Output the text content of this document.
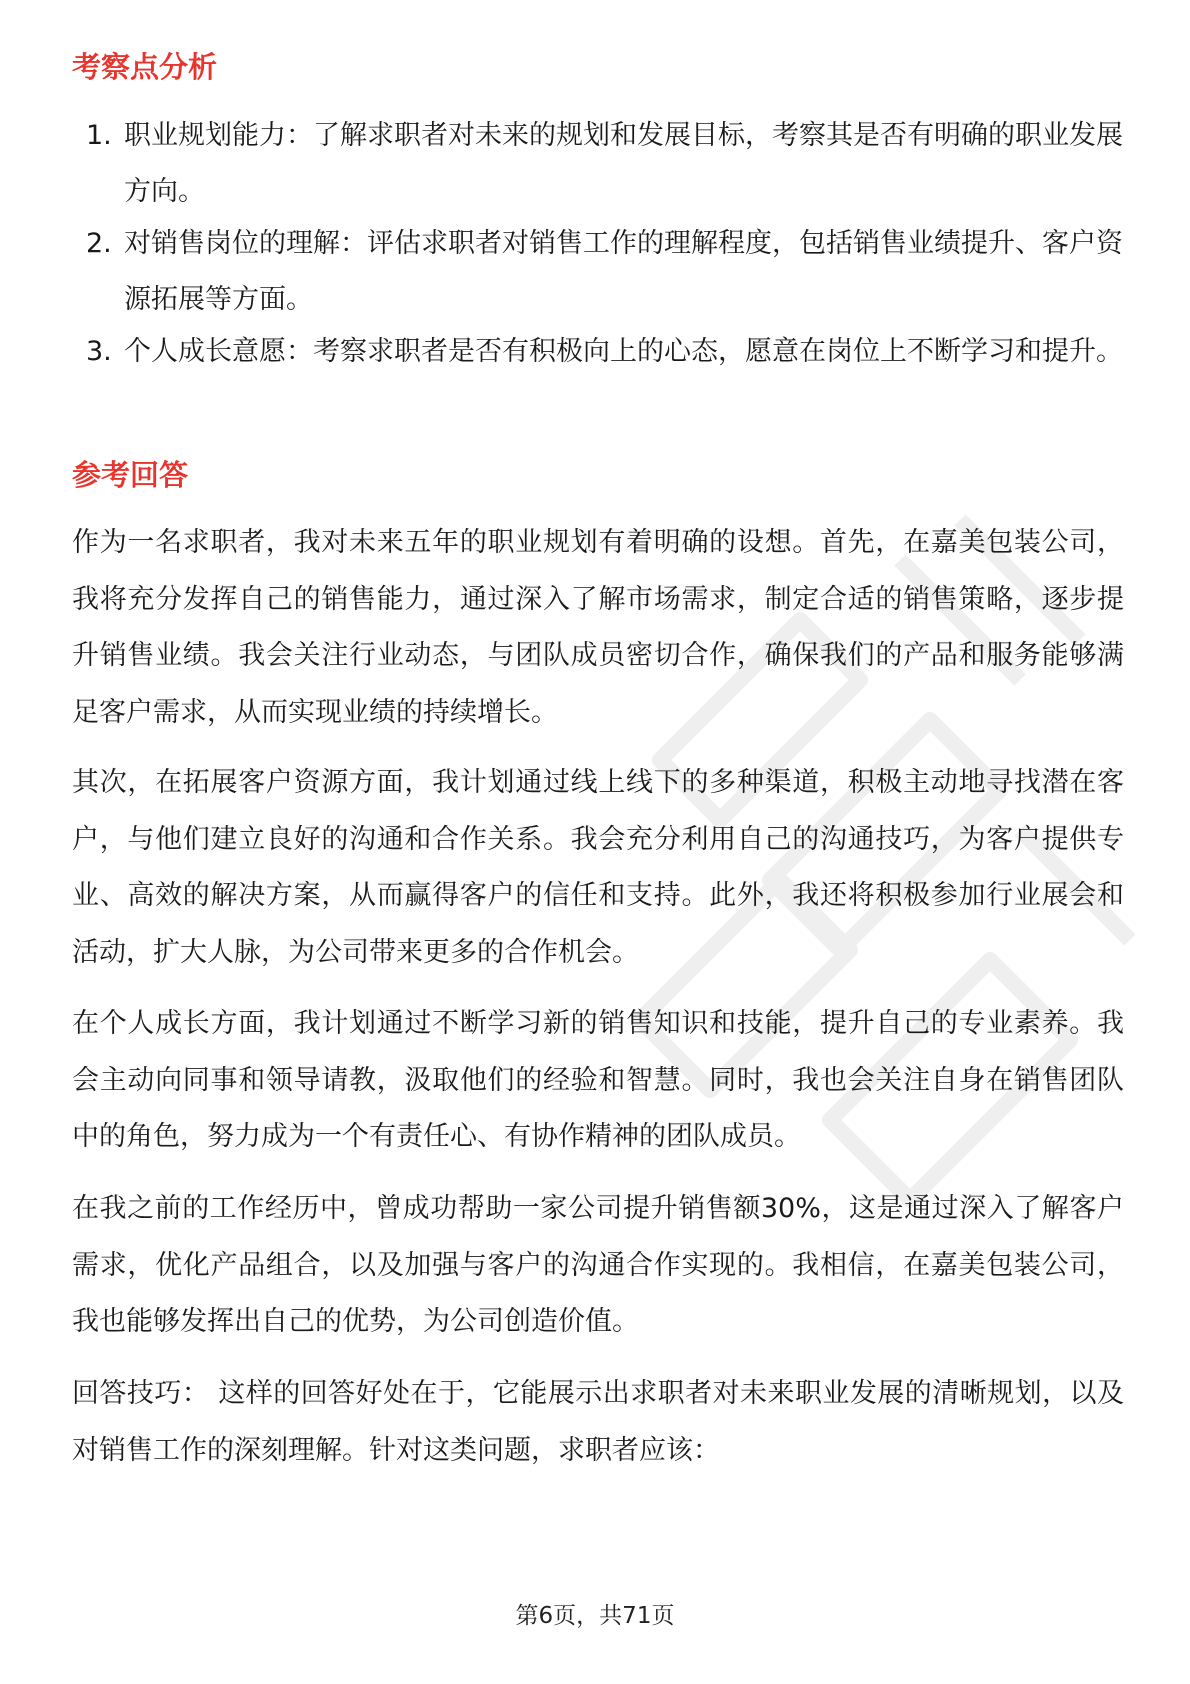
考察点分析
1. 职业规划能力：了解求职者对未来的规划和发展目标，考察其是否有明确的职业发展方向。

2. 对销售岗位的理解：评估求职者对销售工作的理解程度，包括销售业绩提升、客户资源拓展等方面。

3. 个人成长意愿：考察求职者是否有积极向上的心态，愿意在岗位上不断学习和提升。

参考回答

作为一名求职者，我对未来五年的职业规划有着明确的设想。首先，在嘉美包装公司，我将充分发挥自己的销售能力，通过深入了解市场需求，制定合适的销售策略，逐步提升销售业绩。我会关注行业动态，与团队成员密切合作，确保我们的产品和服务能够满足客户需求，从而实现业绩的持续增长。

其次，在拓展客户资源方面，我计划通过线上线下的多种渠道，积极主动地寻找潜在客户，与他们建立良好的沟通和合作关系。我会充分利用自己的沟通技巧，为客户提供专业、高效的解决方案，从而赢得客户的信任和支持。此外，我还将积极参加行业展会和活动，扩大人脉，为公司带来更多的合作机会。

在个人成长方面，我计划通过不断学习新的销售知识和技能，提升自己的专业素养。我会主动向同事和领导请教，汲取他们的经验和智慧。同时，我也会关注自身在销售团队中的角色，努力成为一个有责任心、有协作精神的团队成员。

在我之前的工作经历中，曾成功帮助一家公司提升销售额30%，这是通过深入了解客户需求，优化产品组合，以及加强与客户的沟通合作实现的。我相信，在嘉美包装公司，我也能够发挥出自己的优势，为公司创造价值。

回答技巧： 这样的回答好处在于，它能展示出求职者对未来职业发展的清晰规划，以及对销售工作的深刻理解。针对这类问题，求职者应该：

第6页，共71页
